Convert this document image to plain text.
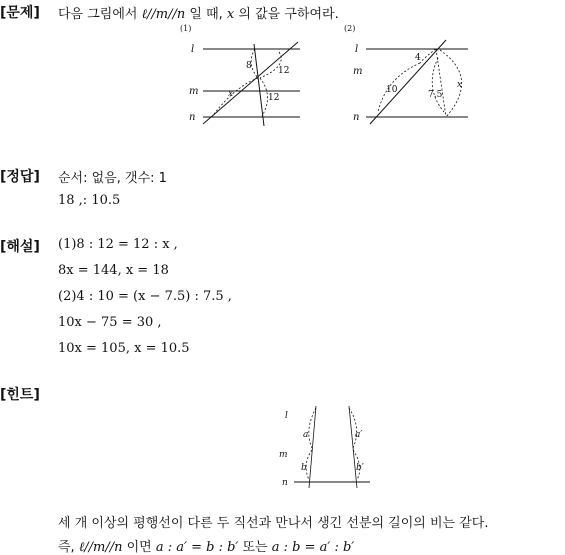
[문제] 다음 그림에서 ℓ//m//n 일 때, x 의 값을 구하여라.
(1)
l
m
n
8	12
12
x
(2)
l
m
n
4
10	7.5
x
[정답] 순서: 없음, 갯수: 1
18 ,: 10.5
[해설] (1)8 : 12 = 12 : x ,
8x = 144, x = 18
(2)4 : 10 = (x − 7.5) : 7.5 ,
10x − 75 = 30 ,
10x = 105, x = 10.5
[힌트]
l
m
n
a
b
a′
b′
세 개 이상의 평행선이 다른 두 직선과 만나서 생긴 선분의 길이의 비는 같다.
즉, ℓ//m//n 이면 a : a′ = b : b′ 또는 a : b = a′ : b′
